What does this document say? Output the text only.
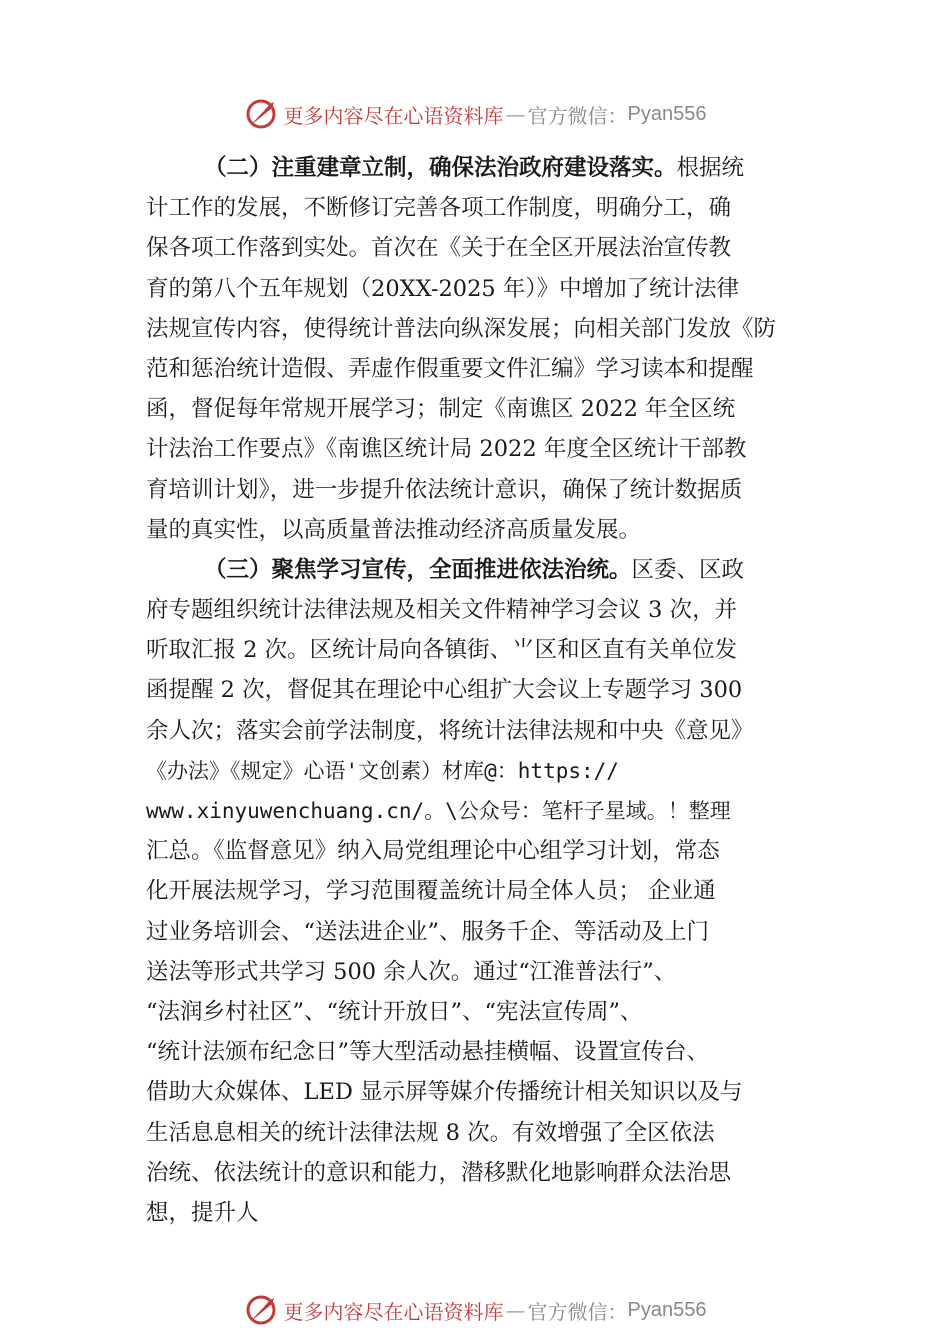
更多内容尽在心语资料库 — 官方微信： Pyan556
（二）注重建章立制，确保法治政府建设落实。根据统
计工作的发展，不断修订完善各项工作制度，明确分工，确
保各项工作落到实处。首次在《关于在全区开展法治宣传教
育的第八个五年规划（20XX-2025 年）》中增加了统计法律
法规宣传内容，使得统计普法向纵深发展；向相关部门发放《防
范和惩治统计造假、弄虚作假重要文件汇编》学习读本和提醒
函，督促每年常规开展学习；制定《南谯区 2022 年全区统
计法治工作要点》《南谯区统计局 2022 年度全区统计干部教
育培训计划》，进一步提升依法统计意识，确保了统计数据质
量的真实性，以高质量普法推动经济高质量发展。
（三）聚焦学习宣传，全面推进依法治统。区委、区政
府专题组织统计法律法规及相关文件精神学习会议 3 次，并
听取汇报 2 次。区统计局向各镇街、⺌区和区直有关单位发
函提醒 2 次，督促其在理论中心组扩大会议上专题学习 300
余人次；落实会前学法制度，将统计法律法规和中央《意见》
《办法》《规定》心语'文创素）材库@：https://
www.xinyuwenchuang.cn/。\公众号：笔杆子星域。！整理
汇总。《监督意见》纳入局党组理论中心组学习计划，常态
化开展法规学习，学习范围覆盖统计局全体人员； 企业通
过业务培训会、“送法进企业”、服务千企、等活动及上门
送法等形式共学习 500 余人次。通过“江淮普法行”、
“法润乡村社区”、“统计开放日”、“宪法宣传周”、
“统计法颁布纪念日”等大型活动悬挂横幅、设置宣传台、
借助大众媒体、LED 显示屏等媒介传播统计相关知识以及与
生活息息相关的统计法律法规 8 次。有效增强了全区依法
治统、依法统计的意识和能力，潜移默化地影响群众法治思
想，提升人
更多内容尽在心语资料库 — 官方微信： Pyan556
